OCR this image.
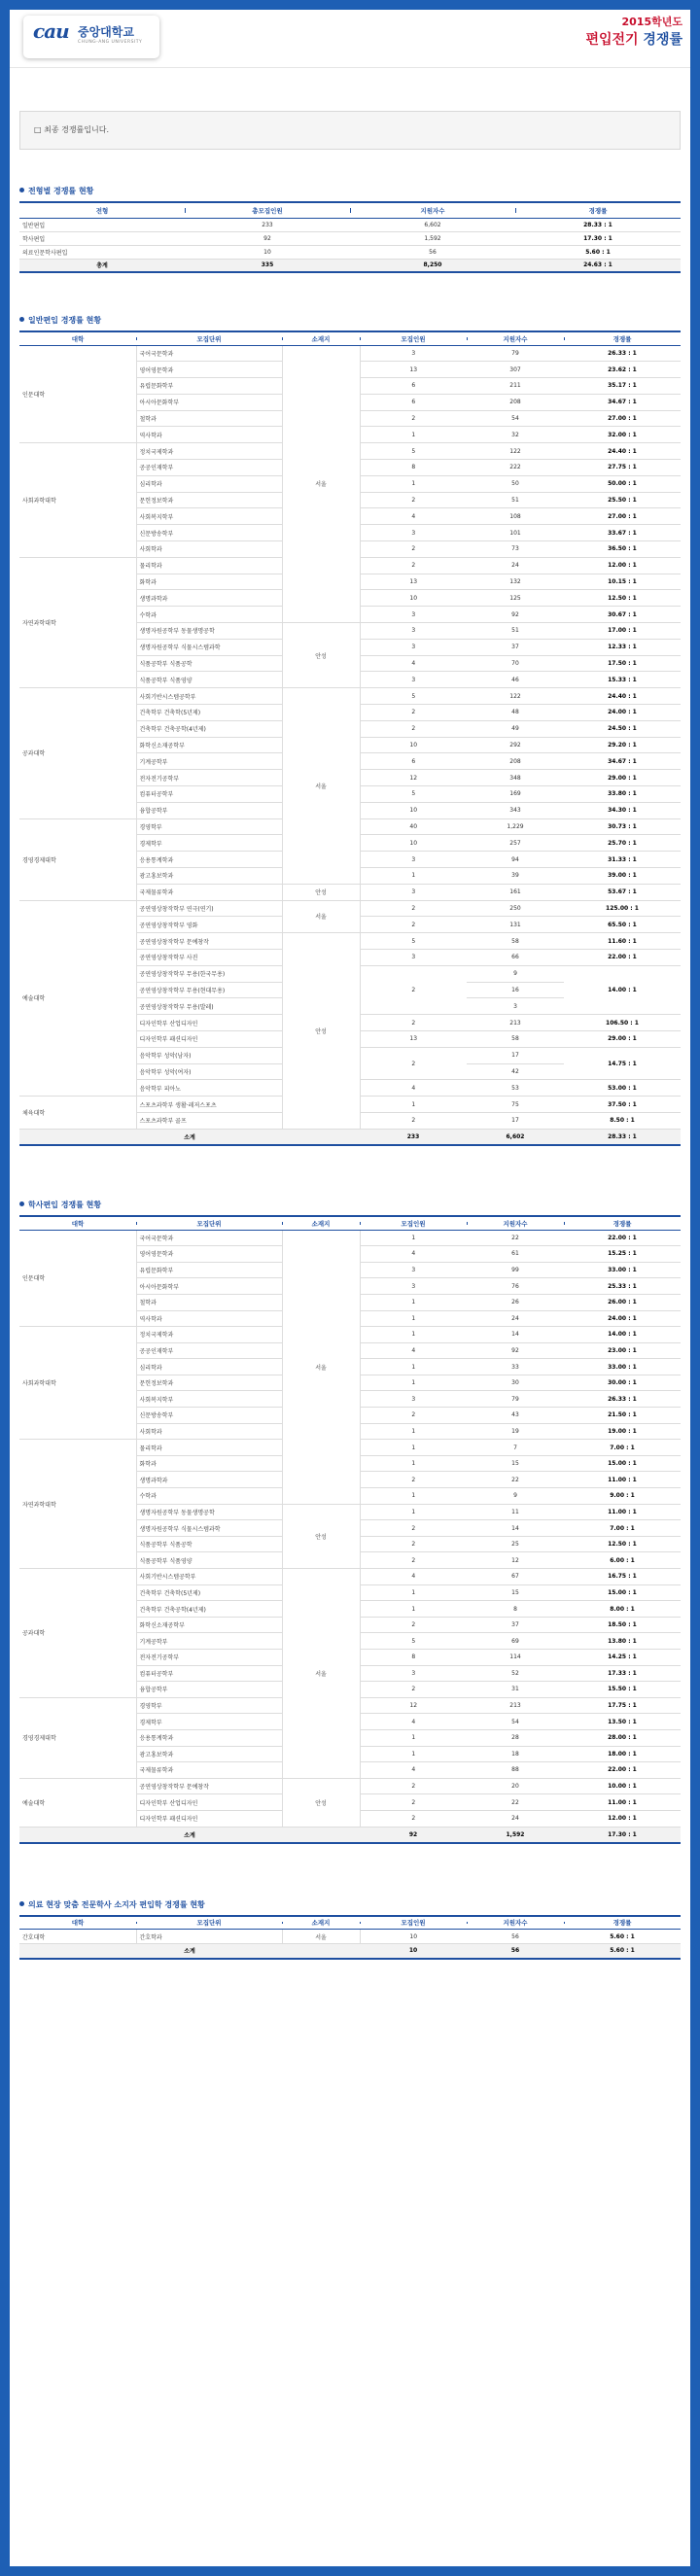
cau 중앙대학교
CHUNG-ANG UNIVERSITY
2015학년도
편입전기 경쟁률
□ 최종 경쟁률입니다.
전형별 경쟁률 현황
전형	총모집인원	지원자수	경쟁률
일반편입	233	6,602	28.33 : 1
학사편입	92	1,592	17.30 : 1
의료인문학사편입	10	56	5.60 : 1
총계	335	8,250	24.63 : 1
일반편입 경쟁률 현황
대학	모집단위	소재지	모집인원	지원자수	경쟁률
인문대학	국어국문학과	서울	3	79	26.33 : 1
	영어영문학과		13	307	23.62 : 1
	유럽문화학부		6	211	35.17 : 1
	아시아문화학부		6	208	34.67 : 1
	철학과		2	54	27.00 : 1
	역사학과		1	32	32.00 : 1
사회과학대학	정치국제학과		5	122	24.40 : 1
	공공인재학부		8	222	27.75 : 1
	심리학과		1	50	50.00 : 1
	문헌정보학과		2	51	25.50 : 1
	사회복지학부		4	108	27.00 : 1
	신문방송학부		3	101	33.67 : 1
	사회학과		2	73	36.50 : 1
자연과학대학	물리학과		2	24	12.00 : 1
	화학과		13	132	10.15 : 1
	생명과학과		10	125	12.50 : 1
	수학과		3	92	30.67 : 1
	생명자원공학부 동물생명공학	안성	3	51	17.00 : 1
	생명자원공학부 식물시스템과학		3	37	12.33 : 1
	식품공학부 식품공학		4	70	17.50 : 1
	식품공학부 식품영양		3	46	15.33 : 1
공과대학	사회기반시스템공학부	서울	5	122	24.40 : 1
	건축학부 건축학(5년제)		2	48	24.00 : 1
	건축학부 건축공학(4년제)		2	49	24.50 : 1
	화학신소재공학부		10	292	29.20 : 1
	기계공학부		6	208	34.67 : 1
	전자전기공학부		12	348	29.00 : 1
	컴퓨터공학부		5	169	33.80 : 1
	융합공학부		10	343	34.30 : 1
경영경제대학	경영학부		40	1,229	30.73 : 1
	경제학부		10	257	25.70 : 1
	응용통계학과		3	94	31.33 : 1
	광고홍보학과		1	39	39.00 : 1
	국제물류학과	안성	3	161	53.67 : 1
예술대학	공연영상창작학부 연극(연기)	서울	2	250	125.00 : 1
	공연영상창작학부 영화		2	131	65.50 : 1
	공연영상창작학부 문예창작	안성	5	58	11.60 : 1
	공연영상창작학부 사진		3	66	22.00 : 1
	공연영상창작학부 무용(한국무용)		2	9	14.00 : 1
	공연영상창작학부 무용(현대무용)			16	
	공연영상창작학부 무용(발레)			3	
	디자인학부 산업디자인		2	213	106.50 : 1
	디자인학부 패션디자인		13	58	29.00 : 1
	음악학부 성악(남자)		2	17	14.75 : 1
	음악학부 성악(여자)			42	
	음악학부 피아노		4	53	53.00 : 1
체육대학	스포츠과학부 생활·레저스포츠		1	75	37.50 : 1
	스포츠과학부 골프		2	17	8.50 : 1
소계			233	6,602	28.33 : 1
학사편입 경쟁률 현황
대학	모집단위	소재지	모집인원	지원자수	경쟁률
인문대학	국어국문학과	서울	1	22	22.00 : 1
	영어영문학과		4	61	15.25 : 1
	유럽문화학부		3	99	33.00 : 1
	아시아문화학부		3	76	25.33 : 1
	철학과		1	26	26.00 : 1
	역사학과		1	24	24.00 : 1
사회과학대학	정치국제학과		1	14	14.00 : 1
	공공인재학부		4	92	23.00 : 1
	심리학과		1	33	33.00 : 1
	문헌정보학과		1	30	30.00 : 1
	사회복지학부		3	79	26.33 : 1
	신문방송학부		2	43	21.50 : 1
	사회학과		1	19	19.00 : 1
자연과학대학	물리학과		1	7	7.00 : 1
	화학과		1	15	15.00 : 1
	생명과학과		2	22	11.00 : 1
	수학과		1	9	9.00 : 1
	생명자원공학부 동물생명공학	안성	1	11	11.00 : 1
	생명자원공학부 식물시스템과학		2	14	7.00 : 1
	식품공학부 식품공학		2	25	12.50 : 1
	식품공학부 식품영양		2	12	6.00 : 1
공과대학	사회기반시스템공학부	서울	4	67	16.75 : 1
	건축학부 건축학(5년제)		1	15	15.00 : 1
	건축학부 건축공학(4년제)		1	8	8.00 : 1
	화학신소재공학부		2	37	18.50 : 1
	기계공학부		5	69	13.80 : 1
	전자전기공학부		8	114	14.25 : 1
	컴퓨터공학부		3	52	17.33 : 1
	융합공학부		2	31	15.50 : 1
경영경제대학	경영학부		12	213	17.75 : 1
	경제학부		4	54	13.50 : 1
	응용통계학과		1	28	28.00 : 1
	광고홍보학과		1	18	18.00 : 1
	국제물류학과		4	88	22.00 : 1
예술대학	공연영상창작학부 문예창작	안성	2	20	10.00 : 1
	디자인학부 산업디자인		2	22	11.00 : 1
	디자인학부 패션디자인		2	24	12.00 : 1
소계			92	1,592	17.30 : 1
의료 현장 맞춤 전문학사 소지자 편입학 경쟁률 현황
대학	모집단위	소재지	모집인원	지원자수	경쟁률
간호대학	간호학과	서울	10	56	5.60 : 1
소계			10	56	5.60 : 1
